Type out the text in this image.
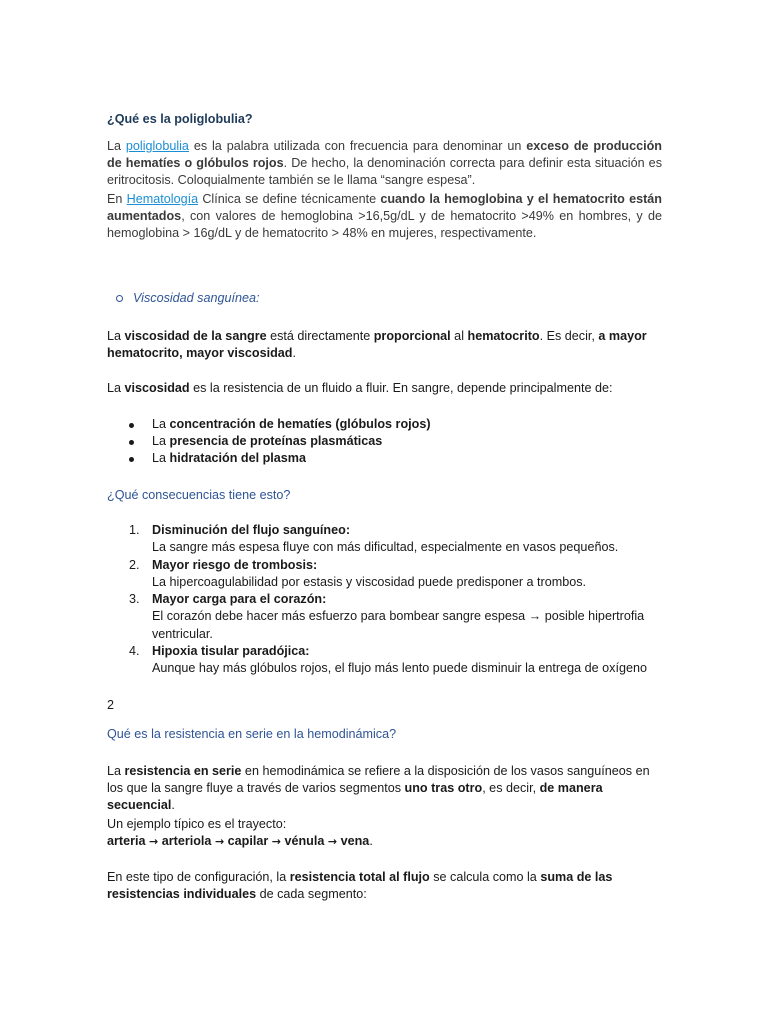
¿Qué es la poliglobulia?

La poliglobulia es la palabra utilizada con frecuencia para denominar un exceso de producción de hematíes o glóbulos rojos. De hecho, la denominación correcta para definir esta situación es eritrocitosis. Coloquialmente también se le llama “sangre espesa”.

En Hematología Clínica se define técnicamente cuando la hemoglobina y el hematocrito están aumentados, con valores de hemoglobina >16,5g/dL y de hematocrito >49% en hombres, y de hemoglobina > 16g/dL y de hematocrito > 48% en mujeres, respectivamente.

Viscosidad sanguínea:

La viscosidad de la sangre está directamente proporcional al hematocrito. Es decir, a mayor hematocrito, mayor viscosidad.

La viscosidad es la resistencia de un fluido a fluir. En sangre, depende principalmente de:

La concentración de hematíes (glóbulos rojos)
La presencia de proteínas plasmáticas
La hidratación del plasma

¿Qué consecuencias tiene esto?

1. Disminución del flujo sanguíneo:
La sangre más espesa fluye con más dificultad, especialmente en vasos pequeños.
2. Mayor riesgo de trombosis:
La hipercoagulabilidad por estasis y viscosidad puede predisponer a trombos.
3. Mayor carga para el corazón:
El corazón debe hacer más esfuerzo para bombear sangre espesa → posible hipertrofia ventricular.
4. Hipoxia tisular paradójica:
Aunque hay más glóbulos rojos, el flujo más lento puede disminuir la entrega de oxígeno

2

Qué es la resistencia en serie en la hemodinámica?

La resistencia en serie en hemodinámica se refiere a la disposición de los vasos sanguíneos en los que la sangre fluye a través de varios segmentos uno tras otro, es decir, de manera secuencial.

Un ejemplo típico es el trayecto:
arteria → arteriola → capilar → vénula → vena.

En este tipo de configuración, la resistencia total al flujo se calcula como la suma de las resistencias individuales de cada segmento:
